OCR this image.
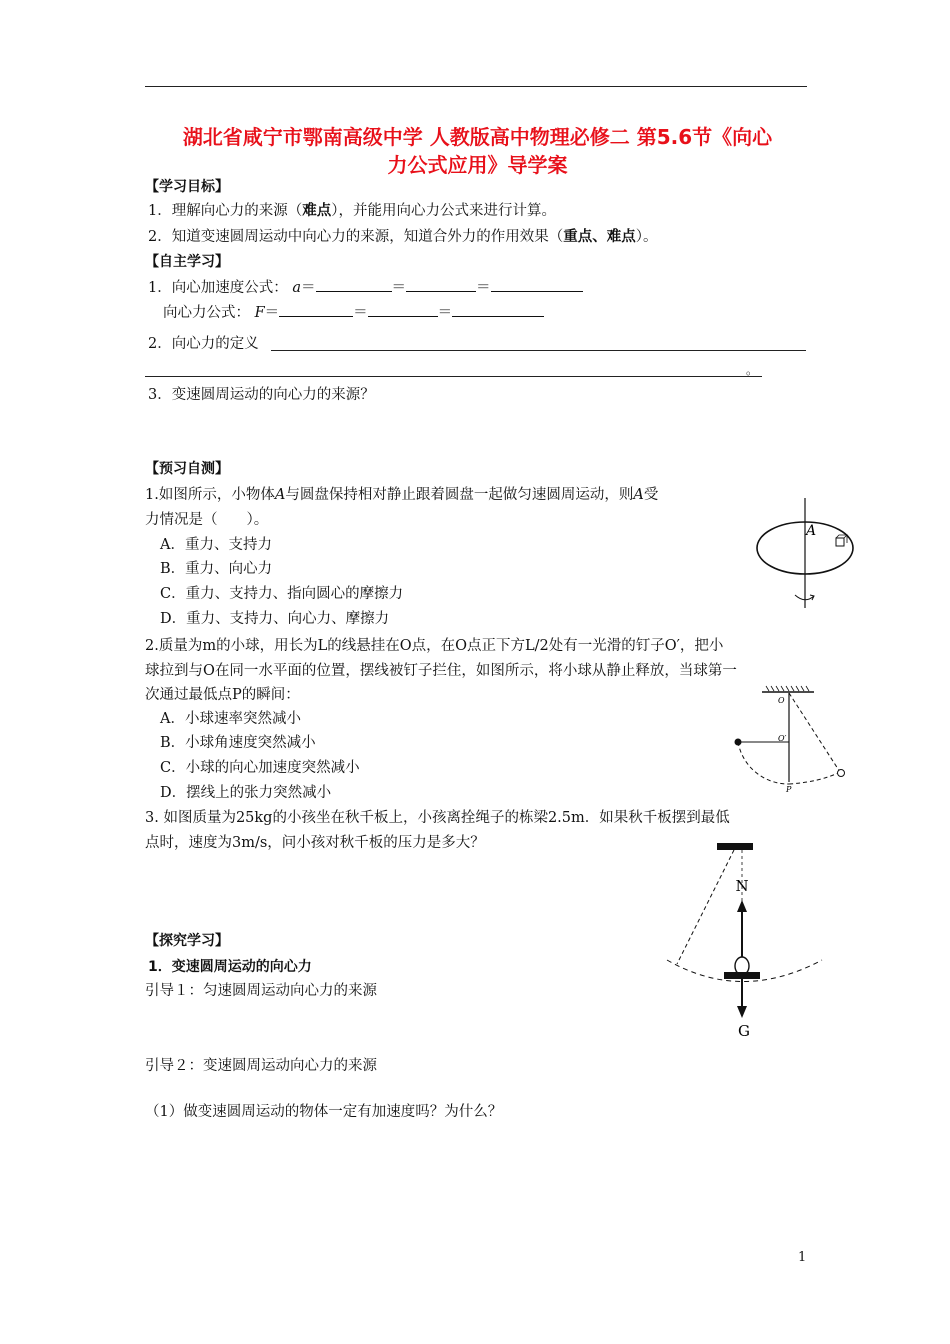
湖北省咸宁市鄂南高级中学 人教版高中物理必修二 第5.6节《向心
力公式应用》导学案
【学习目标】
1．理解向心力的来源（难点），并能用向心力公式来进行计算。
2．知道变速圆周运动中向心力的来源，知道合外力的作用效果（重点、难点）。
【自主学习】
1．向心加速度公式： a＝	＝	＝
向心力公式： F＝	＝	＝
2．向心力的定义
。
3．变速圆周运动的向心力的来源？
【预习自测】
1.如图所示，小物体A与圆盘保持相对静止跟着圆盘一起做匀速圆周运动，则A受
力情况是（　　）。
A．重力、支持力
B．重力、向心力
C．重力、支持力、指向圆心的摩擦力
D．重力、支持力、向心力、摩擦力
A
2.质量为m的小球，用长为L的线悬挂在O点，在O点正下方L/2处有一光滑的钉子O′，把小
球拉到与O在同一水平面的位置，摆线被钉子拦住，如图所示，将小球从静止释放，当球第一
次通过最低点P的瞬间：
A．小球速率突然减小
B．小球角速度突然减小
C．小球的向心加速度突然减小
D．摆线上的张力突然减小
O
O′
P
3. 如图质量为25kg的小孩坐在秋千板上，小孩离拴绳子的栋梁2.5m．如果秋千板摆到最低
点时，速度为3m/s，问小孩对秋千板的压力是多大？
N
G
【探究学习】
1．变速圆周运动的向心力
引导１：匀速圆周运动向心力的来源
引导２：变速圆周运动向心力的来源
（1）做变速圆周运动的物体一定有加速度吗？为什么？
1
